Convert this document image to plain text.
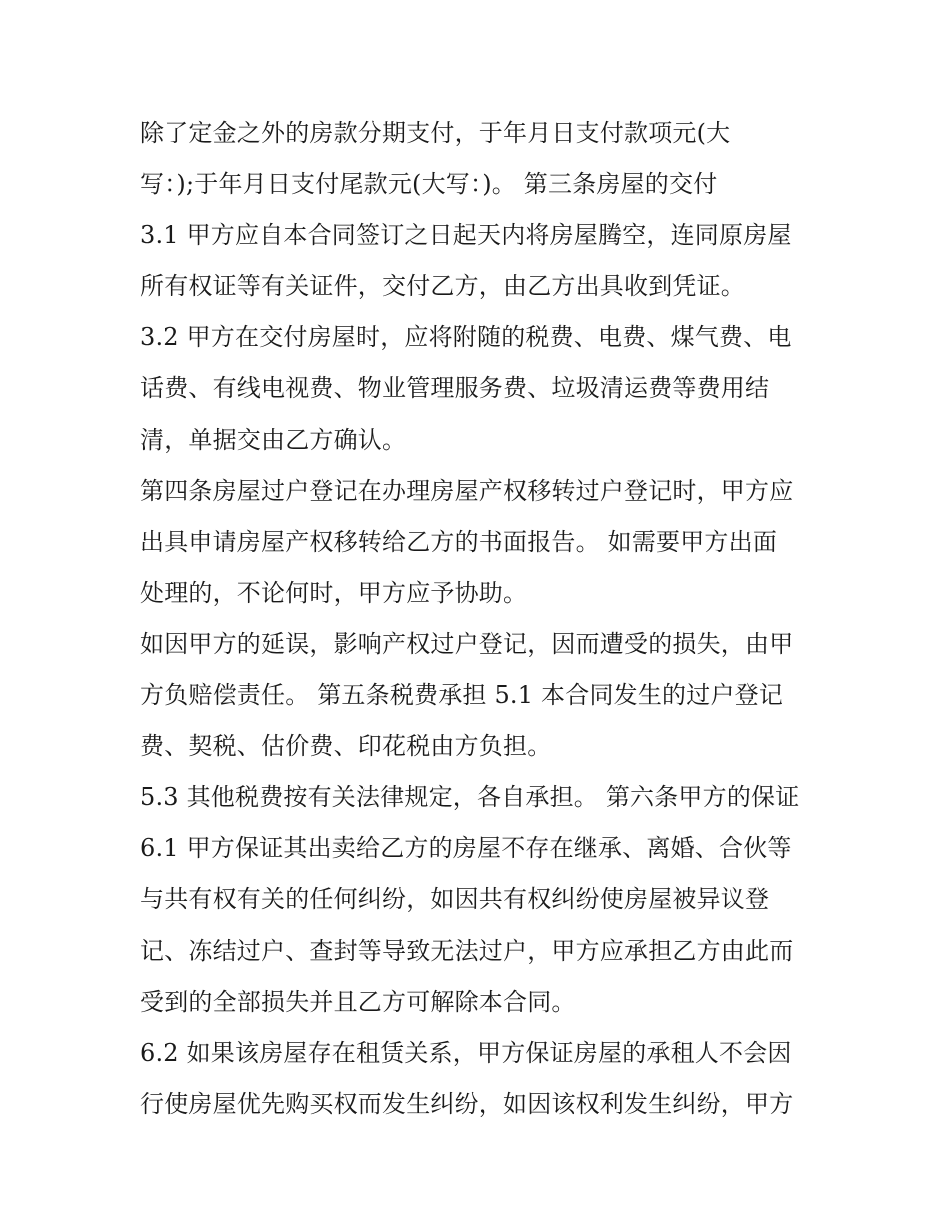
除了定金之外的房款分期支付，于年月日支付款项元(大
写：);于年月日支付尾款元(大写：)。 第三条房屋的交付
3.1 甲方应自本合同签订之日起天内将房屋腾空，连同原房屋
所有权证等有关证件，交付乙方，由乙方出具收到凭证。
3.2 甲方在交付房屋时，应将附随的税费、电费、煤气费、电
话费、有线电视费、物业管理服务费、垃圾清运费等费用结
清，单据交由乙方确认。
第四条房屋过户登记在办理房屋产权移转过户登记时，甲方应
出具申请房屋产权移转给乙方的书面报告。 如需要甲方出面
处理的，不论何时，甲方应予协助。
如因甲方的延误，影响产权过户登记，因而遭受的损失，由甲
方负赔偿责任。 第五条税费承担 5.1 本合同发生的过户登记
费、契税、估价费、印花税由方负担。
5.3 其他税费按有关法律规定，各自承担。 第六条甲方的保证
6.1 甲方保证其出卖给乙方的房屋不存在继承、离婚、合伙等
与共有权有关的任何纠纷，如因共有权纠纷使房屋被异议登
记、冻结过户、查封等导致无法过户，甲方应承担乙方由此而
受到的全部损失并且乙方可解除本合同。
6.2 如果该房屋存在租赁关系，甲方保证房屋的承租人不会因
行使房屋优先购买权而发生纠纷，如因该权利发生纠纷，甲方
